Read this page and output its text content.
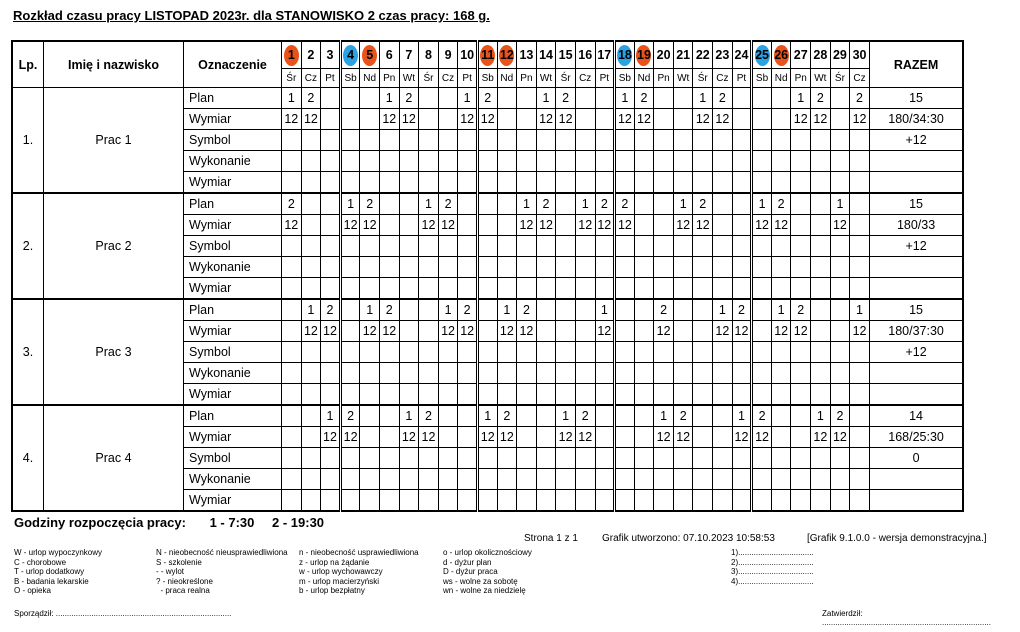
Rozkład czasu pracy LISTOPAD 2023r. dla STANOWISKO 2 czas pracy: 168 g.
Lp.	Imię i nazwisko	Oznaczenie	1	2	3	4	5	6	7	8	9	10	11	12	13	14	15	16	17	18	19	20	21	22	23	24	25	26	27	28	29	30	RAZEM
			Śr	Cz	Pt	Sb	Nd	Pn	Wt	Śr	Cz	Pt	Sb	Nd	Pn	Wt	Śr	Cz	Pt	Sb	Nd	Pn	Wt	Śr	Cz	Pt	Sb	Nd	Pn	Wt	Śr	Cz	
1.	Prac 1	Plan	1	2				1	2			1	2			1	2			1	2			1	2				1	2		2	15
		Wymiar	12	12				12	12			12	12			12	12			12	12			12	12				12	12		12	180/34:30
		Symbol																															+12
		Wykonanie																															
		Wymiar																															
2.	Prac 2	Plan	2			1	2			1	2				1	2		1	2	2			1	2			1	2			1		15
		Wymiar	12			12	12			12	12				12	12		12	12	12			12	12			12	12			12		180/33
		Symbol																															+12
		Wykonanie																															
		Wymiar																															
3.	Prac 3	Plan		1	2		1	2			1	2		1	2				1			2			1	2		1	2			1	15
		Wymiar		12	12		12	12			12	12		12	12				12			12			12	12		12	12			12	180/37:30
		Symbol																															+12
		Wykonanie																															
		Wymiar																															
4.	Prac 4	Plan			1	2			1	2			1	2			1	2				1	2			1	2			1	2		14
		Wymiar			12	12			12	12			12	12			12	12				12	12			12	12			12	12		168/25:30
		Symbol																															0
		Wykonanie																															
		Wymiar																															
Godziny rozpoczęcia pracy: 1 - 7:30 2 - 19:30
Strona 1 z 1 Grafik utworzono: 07.10.2023 10:58:53	[Grafik 9.1.0.0 - wersja demonstracyjna.]
W - urlop wypoczynkowy
C - chorobowe
T - urlop dodatkowy
B - badania lekarskie
O - opieka
N - nieobecność nieusprawiedliwiona
S - szkolenie
- - wylot
? - nieokreślone
- praca realna
n - nieobecność usprawiedliwiona
z - urlop na żądanie
w - urlop wychowawczy
m - urlop macierzyński
b - urlop bezpłatny
o - urlop okolicznościowy
d - dyżur plan
D - dyżur praca
ws - wolne za sobotę
wn - wolne za niedzielę
1)..................................
2)..................................
3)..................................
4)..................................
Sporządził: ...............................................................................	Zatwierdził: ............................................................................
